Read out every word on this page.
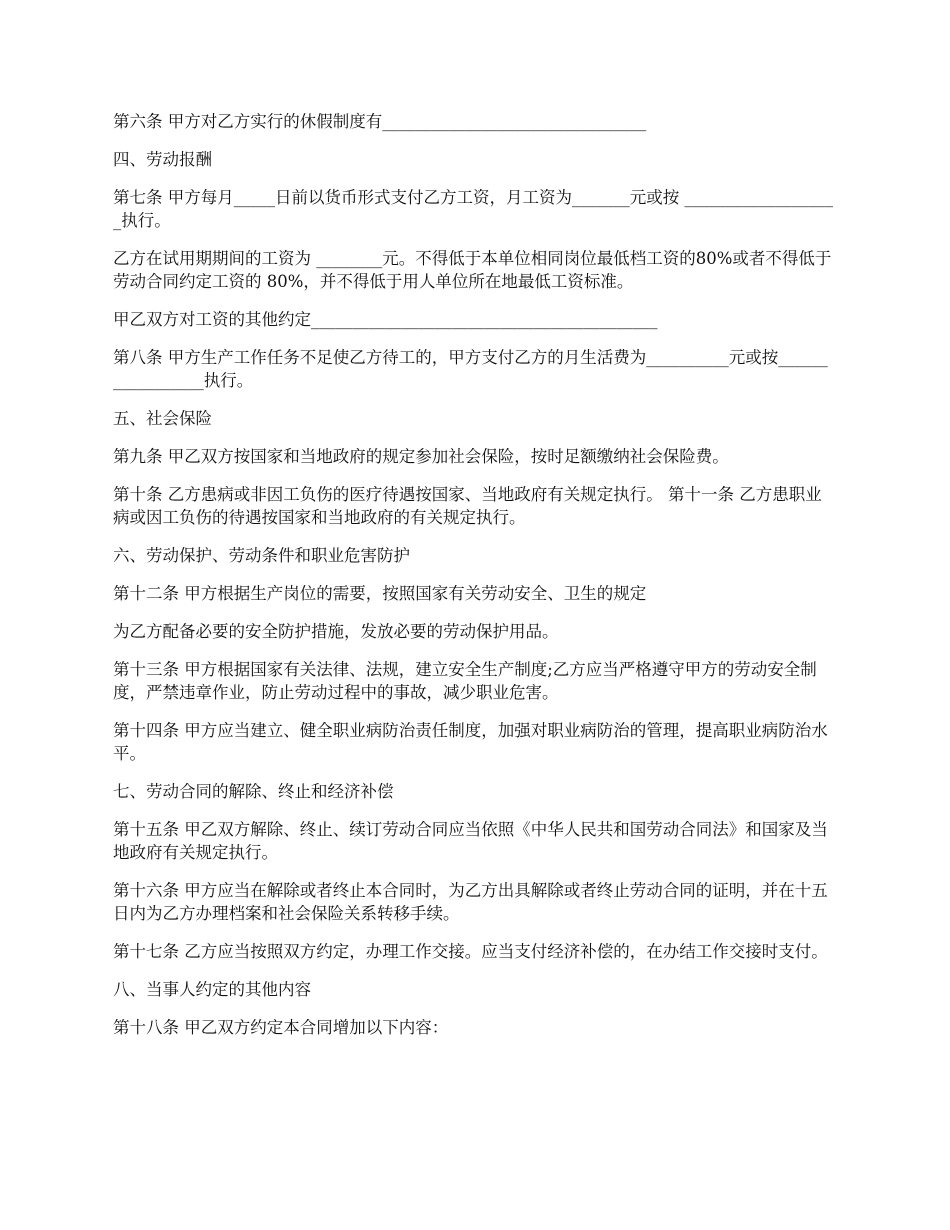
第六条 甲方对乙方实行的休假制度有________________________________

四、劳动报酬

第七条 甲方每月_____日前以货币形式支付乙方工资，月工资为_______元或按 ___________________执行。

乙方在试用期期间的工资为 ________元。不得低于本单位相同岗位最低档工资的80%或者不得低于劳动合同约定工资的 80%，并不得低于用人单位所在地最低工资标准。

甲乙双方对工资的其他约定__________________________________________

第八条 甲方生产工作任务不足使乙方待工的，甲方支付乙方的月生活费为__________元或按_________________执行。

五、社会保险

第九条 甲乙双方按国家和当地政府的规定参加社会保险，按时足额缴纳社会保险费。

第十条 乙方患病或非因工负伤的医疗待遇按国家、当地政府有关规定执行。 第十一条 乙方患职业病或因工负伤的待遇按国家和当地政府的有关规定执行。

六、劳动保护、劳动条件和职业危害防护

第十二条 甲方根据生产岗位的需要，按照国家有关劳动安全、卫生的规定

为乙方配备必要的安全防护措施，发放必要的劳动保护用品。

第十三条 甲方根据国家有关法律、法规，建立安全生产制度;乙方应当严格遵守甲方的劳动安全制度，严禁违章作业，防止劳动过程中的事故，减少职业危害。

第十四条 甲方应当建立、健全职业病防治责任制度，加强对职业病防治的管理，提高职业病防治水平。

七、劳动合同的解除、终止和经济补偿

第十五条 甲乙双方解除、终止、续订劳动合同应当依照《中华人民共和国劳动合同法》和国家及当地政府有关规定执行。

第十六条 甲方应当在解除或者终止本合同时，为乙方出具解除或者终止劳动合同的证明，并在十五日内为乙方办理档案和社会保险关系转移手续。

第十七条 乙方应当按照双方约定，办理工作交接。应当支付经济补偿的，在办结工作交接时支付。

八、当事人约定的其他内容

第十八条 甲乙双方约定本合同增加以下内容：
